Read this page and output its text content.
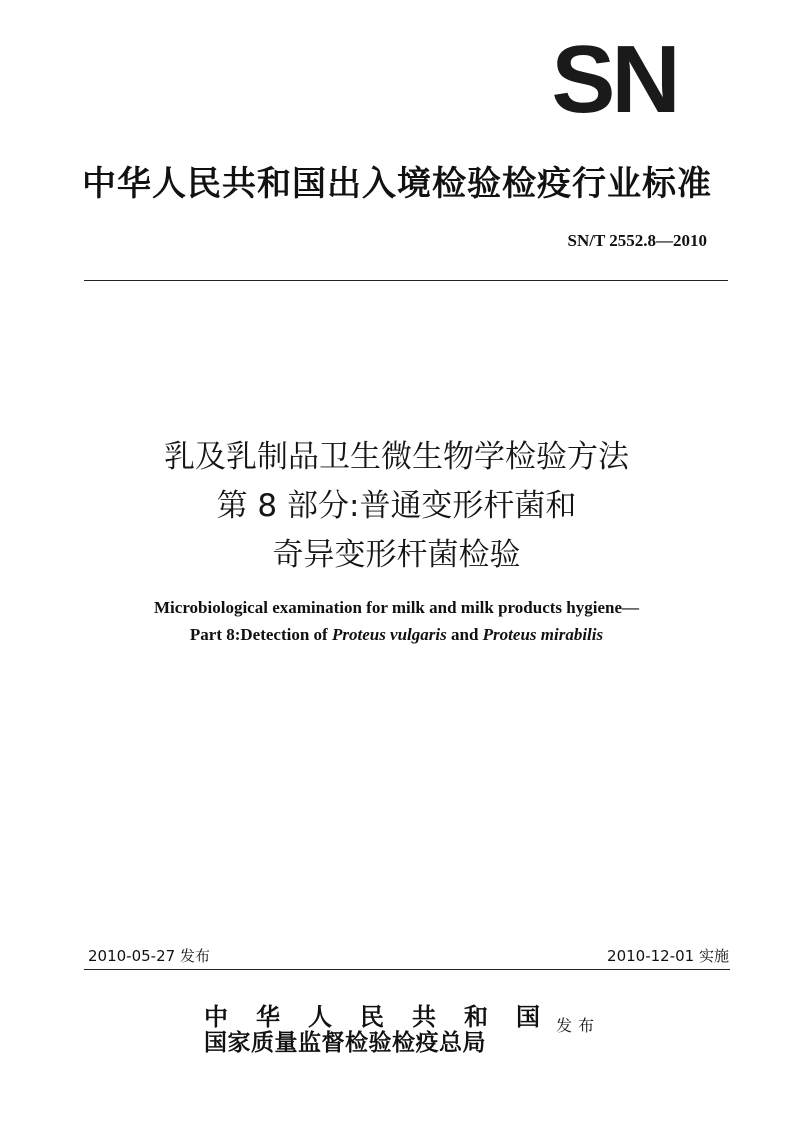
SN
中华人民共和国出入境检验检疫行业标准
SN/T 2552.8—2010
乳及乳制品卫生微生物学检验方法
第 8 部分:普通变形杆菌和
奇异变形杆菌检验
Microbiological examination for milk and milk products hygiene—
Part 8:Detection of Proteus vulgaris and Proteus mirabilis
2010-05-27 发布	2010-12-01 实施
中 华 人 民 共 和 国
国家质量监督检验检疫总局
发布
